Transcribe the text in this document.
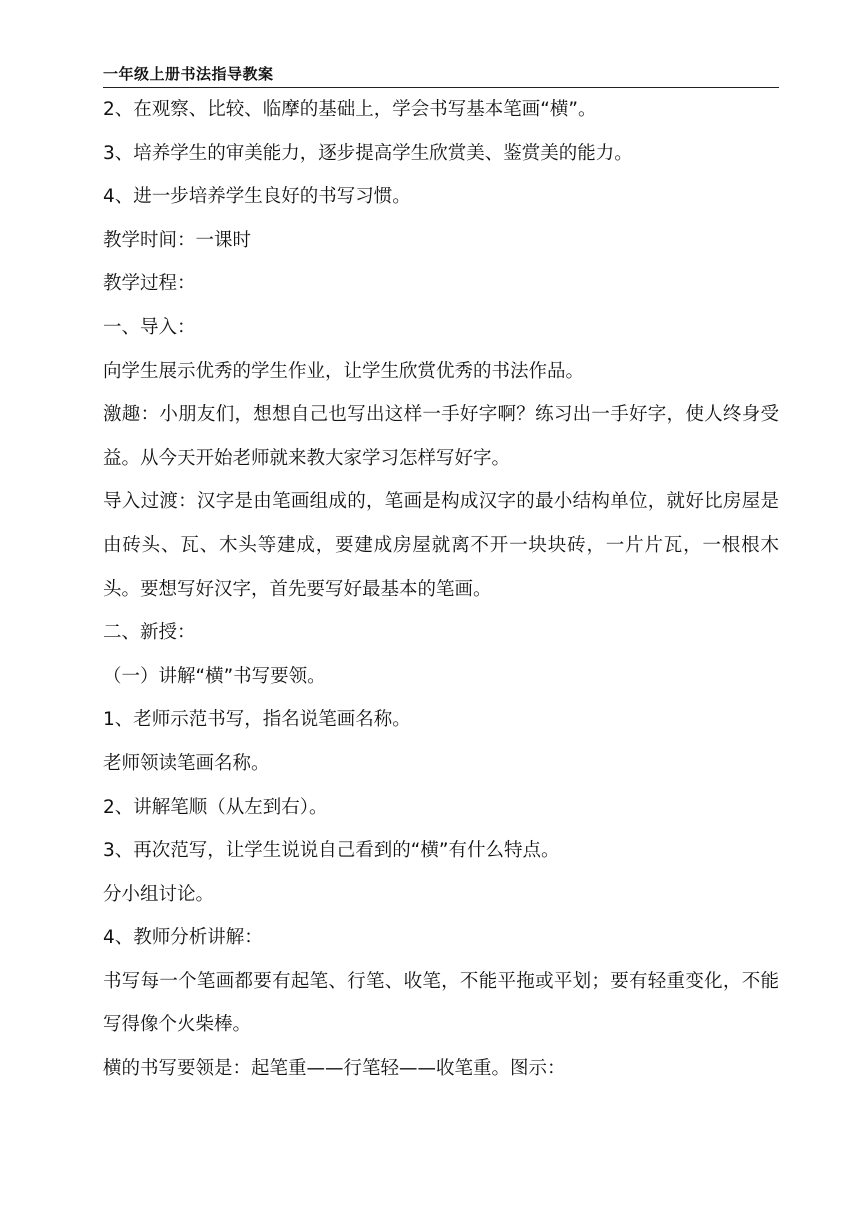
一年级上册书法指导教案

2、在观察、比较、临摩的基础上，学会书写基本笔画“横”。

3、培养学生的审美能力，逐步提高学生欣赏美、鉴赏美的能力。

4、进一步培养学生良好的书写习惯。

教学时间：一课时

教学过程：

一、导入：

向学生展示优秀的学生作业，让学生欣赏优秀的书法作品。

激趣：小朋友们，想想自己也写出这样一手好字啊？练习出一手好字，使人终身受益。从今天开始老师就来教大家学习怎样写好字。

导入过渡：汉字是由笔画组成的，笔画是构成汉字的最小结构单位，就好比房屋是由砖头、瓦、木头等建成，要建成房屋就离不开一块块砖，一片片瓦，一根根木头。要想写好汉字，首先要写好最基本的笔画。

二、新授：

（一）讲解“横”书写要领。

1、老师示范书写，指名说笔画名称。

老师领读笔画名称。

2、讲解笔顺（从左到右）。

3、再次范写，让学生说说自己看到的“横”有什么特点。

分小组讨论。

4、教师分析讲解：

书写每一个笔画都要有起笔、行笔、收笔，不能平拖或平划；要有轻重变化，不能写得像个火柴棒。

横的书写要领是：起笔重——行笔轻——收笔重。图示：
